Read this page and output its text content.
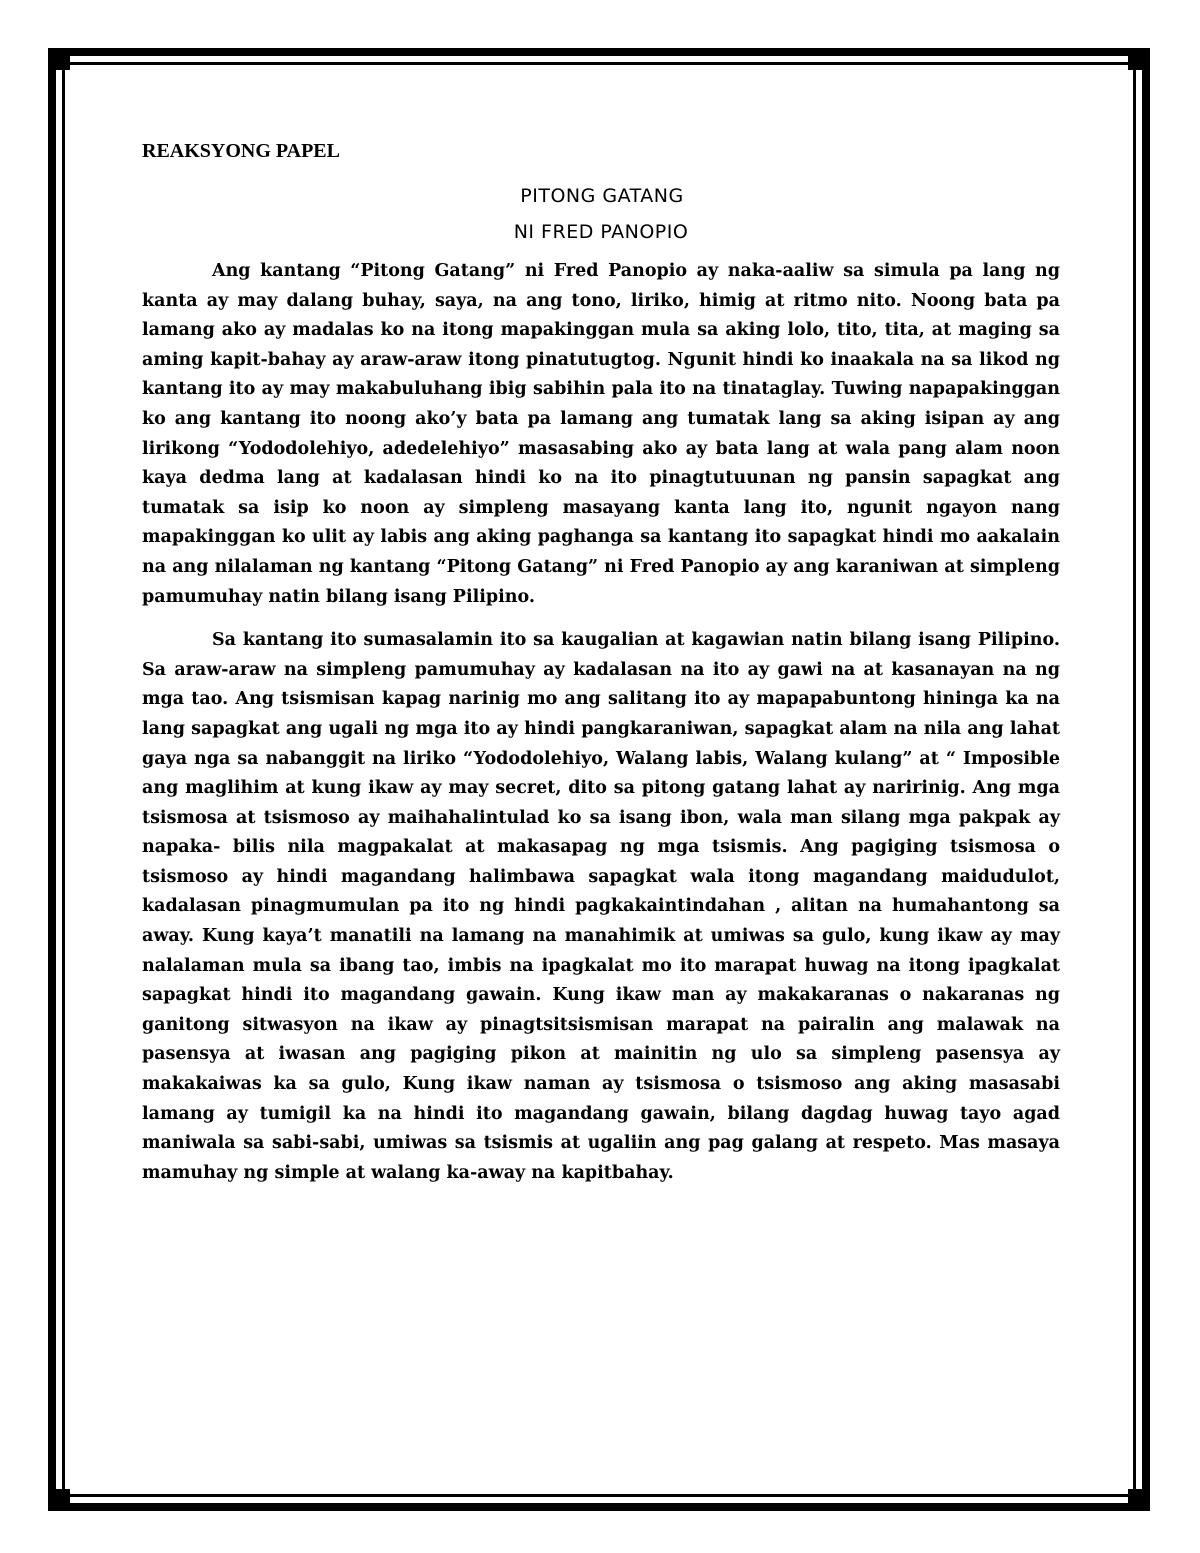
REAKSYONG PAPEL

PITONG GATANG

NI FRED PANOPIO

Ang kantang “Pitong Gatang” ni Fred Panopio ay naka-aaliw sa simula pa lang ng kanta ay may dalang buhay, saya, na ang tono, liriko, himig at ritmo nito. Noong bata pa lamang ako ay madalas ko na itong mapakinggan mula sa aking lolo, tito, tita, at maging sa aming kapit-bahay ay araw-araw itong pinatutugtog. Ngunit hindi ko inaakala na sa likod ng kantang ito ay may makabuluhang ibig sabihin pala ito na tinataglay. Tuwing napapakinggan ko ang kantang ito noong ako’y bata pa lamang ang tumatak lang sa aking isipan ay ang lirikong “Yododolehiyo, adedelehiyo” masasabing ako ay bata lang at wala pang alam noon kaya dedma lang at kadalasan hindi ko na ito pinagtutuunan ng pansin sapagkat ang tumatak sa isip ko noon ay simpleng masayang kanta lang ito, ngunit ngayon nang mapakinggan ko ulit ay labis ang aking paghanga sa kantang ito sapagkat hindi mo aakalain na ang nilalaman ng kantang “Pitong Gatang” ni Fred Panopio ay ang karaniwan at simpleng pamumuhay natin bilang isang Pilipino.

Sa kantang ito sumasalamin ito sa kaugalian at kagawian natin bilang isang Pilipino. Sa araw-araw na simpleng pamumuhay ay kadalasan na ito ay gawi na at kasanayan na ng mga tao. Ang tsismisan kapag narinig mo ang salitang ito ay mapapabuntong hininga ka na lang sapagkat ang ugali ng mga ito ay hindi pangkaraniwan, sapagkat alam na nila ang lahat gaya nga sa nabanggit na liriko “Yododolehiyo, Walang labis, Walang kulang” at “ Imposible ang maglihim at kung ikaw ay may secret, dito sa pitong gatang lahat ay naririnig. Ang mga tsismosa at tsismoso ay maihahalintulad ko sa isang ibon, wala man silang mga pakpak ay napaka- bilis nila magpakalat at makasapag ng mga tsismis. Ang pagiging tsismosa o tsismoso ay hindi magandang halimbawa sapagkat wala itong magandang maidudulot, kadalasan pinagmumulan pa ito ng hindi pagkakaintindahan , alitan na humahantong sa away. Kung kaya’t manatili na lamang na manahimik at umiwas sa gulo, kung ikaw ay may nalalaman mula sa ibang tao, imbis na ipagkalat mo ito marapat huwag na itong ipagkalat sapagkat hindi ito magandang gawain. Kung ikaw man ay makakaranas o nakaranas ng ganitong sitwasyon na ikaw ay pinagtsitsismisan marapat na pairalin ang malawak na pasensya at iwasan ang pagiging pikon at mainitin ng ulo sa simpleng pasensya ay makakaiwas ka sa gulo, Kung ikaw naman ay tsismosa o tsismoso ang aking masasabi lamang ay tumigil ka na hindi ito magandang gawain, bilang dagdag huwag tayo agad maniwala sa sabi-sabi, umiwas sa tsismis at ugaliin ang pag galang at respeto. Mas masaya mamuhay ng simple at walang ka-away na kapitbahay.
